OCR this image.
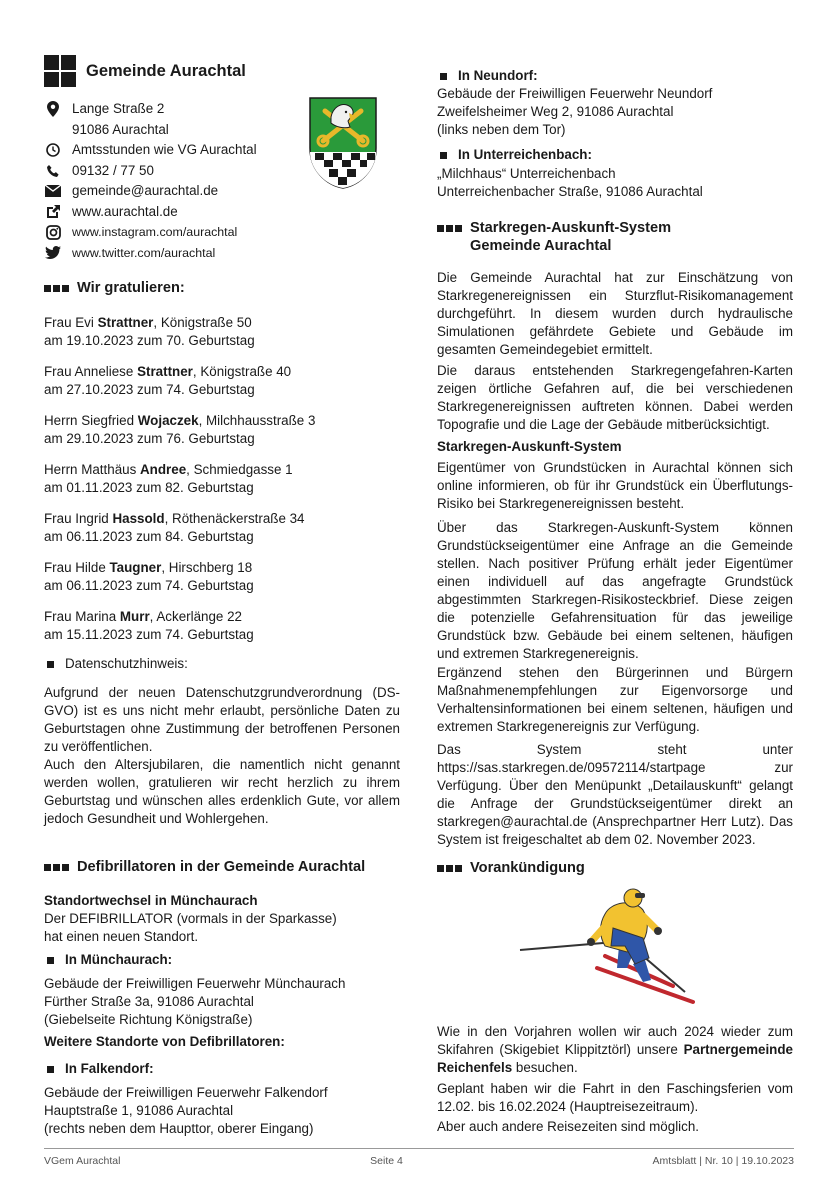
Gemeinde Aurachtal
Lange Straße 2
91086 Aurachtal
Amtsstunden wie VG Aurachtal
09132 / 77 50
gemeinde@aurachtal.de
www.aurachtal.de
www.instagram.com/aurachtal
www.twitter.com/aurachtal
Wir gratulieren:
Frau Evi Strattner, Königstraße 50
am 19.10.2023 zum 70. Geburtstag
Frau Anneliese Strattner, Königstraße 40
am 27.10.2023 zum 74. Geburtstag
Herrn Siegfried Wojaczek, Milchhausstraße 3
am 29.10.2023 zum 76. Geburtstag
Herrn Matthäus Andree, Schmiedgasse 1
am 01.11.2023 zum 82. Geburtstag
Frau Ingrid Hassold, Röthenäckerstraße 34
am 06.11.2023 zum 84. Geburtstag
Frau Hilde Taugner, Hirschberg 18
am 06.11.2023 zum 74. Geburtstag
Frau Marina Murr, Ackerlänge 22
am 15.11.2023 zum 74. Geburtstag
Datenschutzhinweis:

Aufgrund der neuen Datenschutzgrundverordnung (DS-GVO) ist es uns nicht mehr erlaubt, persönliche Daten zu Geburtstagen ohne Zustimmung der betroffenen Personen zu veröffentlichen.

Auch den Altersjubilaren, die namentlich nicht genannt werden wollen, gratulieren wir recht herzlich zu ihrem Geburtstag und wünschen alles erdenklich Gute, vor allem jedoch Gesundheit und Wohlergehen.

Defibrillatoren in der Gemeinde Aurachtal

Standortwechsel in Münchaurach

Der DEFIBRILLATOR (vormals in der Sparkasse)

hat einen neuen Standort.

In Münchaurach:
Gebäude der Freiwilligen Feuerwehr Münchaurach
Fürther Straße 3a, 91086 Aurachtal
(Giebelseite Richtung Königstraße)

Weitere Standorte von Defibrillatoren:

In Falkendorf:
Gebäude der Freiwilligen Feuerwehr Falkendorf
Hauptstraße 1, 91086 Aurachtal
(rechts neben dem Haupttor, oberer Eingang)
In Neundorf:
Gebäude der Freiwilligen Feuerwehr Neundorf
Zweifelsheimer Weg 2, 91086 Aurachtal
(links neben dem Tor)
In Unterreichenbach:
„Milchhaus“ Unterreichenbach
Unterreichenbacher Straße, 91086 Aurachtal
Starkregen-Auskunft-System
Gemeinde Aurachtal

Die Gemeinde Aurachtal hat zur Einschätzung von Starkregenereignissen ein Sturzflut-Risikomanagement durchgeführt. In diesem wurden durch hydraulische Simulationen gefährdete Gebiete und Gebäude im gesamten Gemeindegebiet ermittelt.

Die daraus entstehenden Starkregengefahren-Karten zeigen örtliche Gefahren auf, die bei verschiedenen Starkregenereignissen auftreten können. Dabei werden Topografie und die Lage der Gebäude mitberücksichtigt.

Starkregen-Auskunft-System

Eigentümer von Grundstücken in Aurachtal können sich online informieren, ob für ihr Grundstück ein Überflutungs-Risiko bei Starkregenereignissen besteht.

Über das Starkregen-Auskunft-System können Grundstückseigentümer eine Anfrage an die Gemeinde stellen. Nach positiver Prüfung erhält jeder Eigentümer einen individuell auf das angefragte Grundstück abgestimmten Starkregen-Risikosteckbrief. Diese zeigen die potenzielle Gefahrensituation für das jeweilige Grundstück bzw. Gebäude bei einem seltenen, häufigen und extremen Starkregenereignis.

Ergänzend stehen den Bürgerinnen und Bürgern Maßnahmenempfehlungen zur Eigenvorsorge und Verhaltensinformationen bei einem seltenen, häufigen und extremen Starkregenereignis zur Verfügung.

Das System steht unter https://sas.starkregen.de/09572114/startpage zur Verfügung. Über den Menüpunkt „Detailauskunft“ gelangt die Anfrage der Grundstückseigentümer direkt an starkregen@aurachtal.de (Ansprechpartner Herr Lutz). Das System ist freigeschaltet ab dem 02. November 2023.

Vorankündigung

Wie in den Vorjahren wollen wir auch 2024 wieder zum Skifahren (Skigebiet Klippitztörl) unsere Partnergemeinde Reichenfels besuchen.

Geplant haben wir die Fahrt in den Faschingsferien vom 12.02. bis 16.02.2024 (Hauptreisezeitraum).

Aber auch andere Reisezeiten sind möglich.

VGem Aurachtal	Seite 4	Amtsblatt | Nr. 10 | 19.10.2023
